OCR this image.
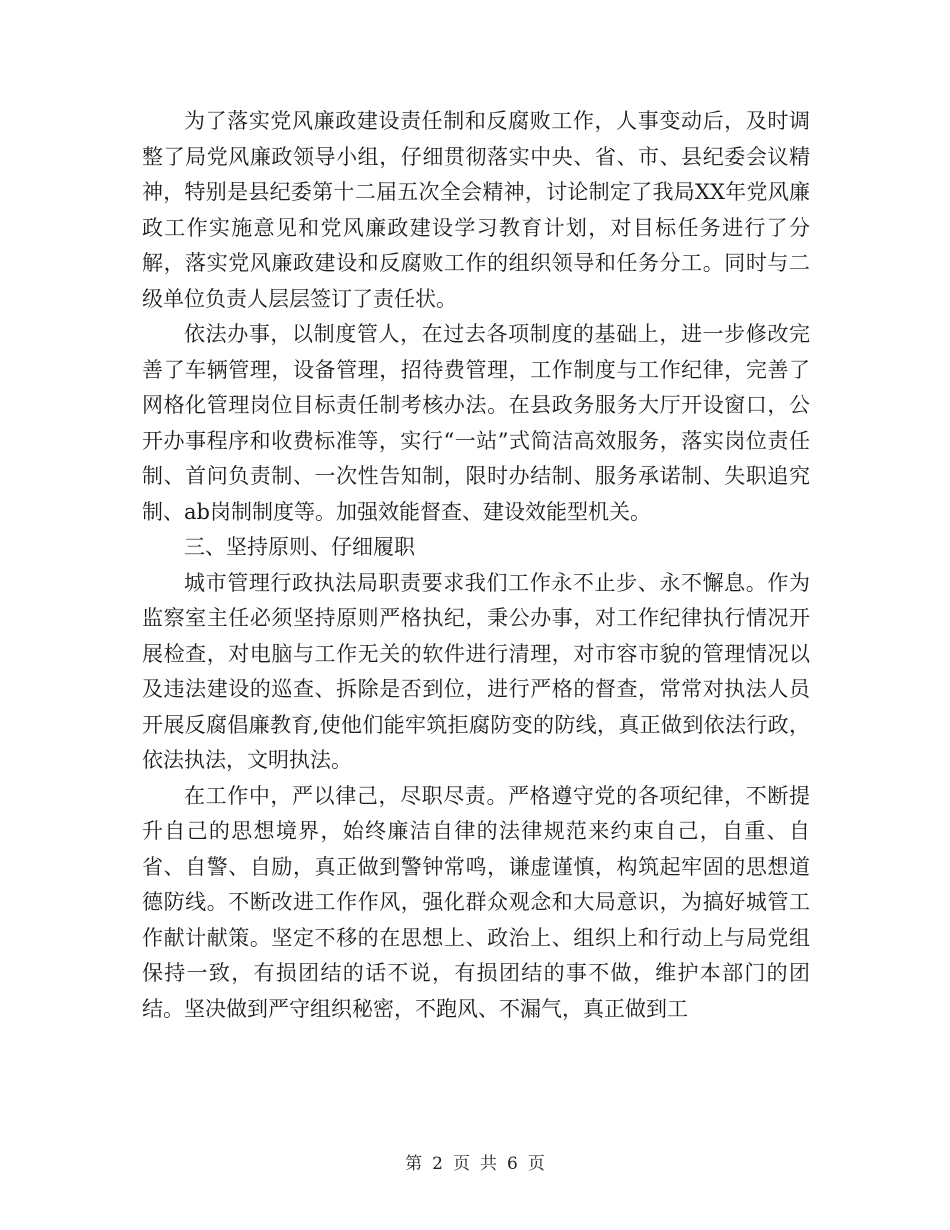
为了落实党风廉政建设责任制和反腐败工作，人事变动后，及时调整了局党风廉政领导小组，仔细贯彻落实中央、省、市、县纪委会议精神，特别是县纪委第十二届五次全会精神，讨论制定了我局XX年党风廉政工作实施意见和党风廉政建设学习教育计划，对目标任务进行了分解，落实党风廉政建设和反腐败工作的组织领导和任务分工。同时与二级单位负责人层层签订了责任状。

依法办事，以制度管人，在过去各项制度的基础上，进一步修改完善了车辆管理，设备管理，招待费管理，工作制度与工作纪律，完善了网格化管理岗位目标责任制考核办法。在县政务服务大厅开设窗口，公开办事程序和收费标准等，实行“一站”式简洁高效服务，落实岗位责任制、首问负责制、一次性告知制，限时办结制、服务承诺制、失职追究制、ab岗制制度等。加强效能督查、建设效能型机关。

三、坚持原则、仔细履职

城市管理行政执法局职责要求我们工作永不止步、永不懈息。作为监察室主任必须坚持原则严格执纪，秉公办事，对工作纪律执行情况开展检查，对电脑与工作无关的软件进行清理，对市容市貌的管理情况以及违法建设的巡查、拆除是否到位，进行严格的督查，常常对执法人员开展反腐倡廉教育,使他们能牢筑拒腐防变的防线，真正做到依法行政，依法执法，文明执法。

在工作中，严以律己，尽职尽责。严格遵守党的各项纪律，不断提升自己的思想境界，始终廉洁自律的法律规范来约束自己，自重、自省、自警、自励，真正做到警钟常鸣，谦虚谨慎，构筑起牢固的思想道德防线。不断改进工作作风，强化群众观念和大局意识，为搞好城管工作献计献策。坚定不移的在思想上、政治上、组织上和行动上与局党组保持一致，有损团结的话不说，有损团结的事不做，维护本部门的团结。坚决做到严守组织秘密，不跑风、不漏气，真正做到工

第 2 页 共 6 页
